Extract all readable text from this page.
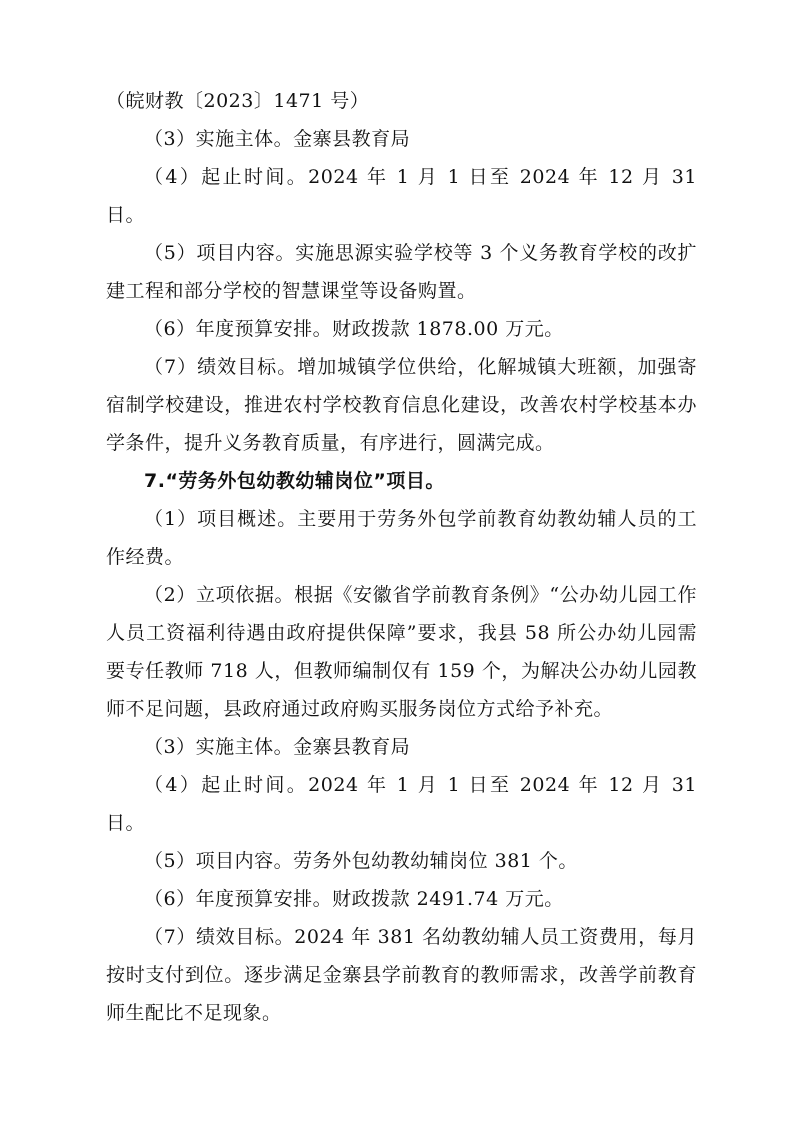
（皖财教〔2023〕1471 号）

（3）实施主体。金寨县教育局

（4）起止时间。2024 年 1 月 1 日至 2024 年 12 月 31 日。

（5）项目内容。实施思源实验学校等 3 个义务教育学校的改扩建工程和部分学校的智慧课堂等设备购置。

（6）年度预算安排。财政拨款 1878.00 万元。

（7）绩效目标。增加城镇学位供给，化解城镇大班额，加强寄宿制学校建设，推进农村学校教育信息化建设，改善农村学校基本办学条件，提升义务教育质量，有序进行，圆满完成。

7.“劳务外包幼教幼辅岗位”项目。

（1）项目概述。主要用于劳务外包学前教育幼教幼辅人员的工作经费。

（2）立项依据。根据《安徽省学前教育条例》“公办幼儿园工作人员工资福利待遇由政府提供保障”要求，我县 58 所公办幼儿园需要专任教师 718 人，但教师编制仅有 159 个，为解决公办幼儿园教师不足问题，县政府通过政府购买服务岗位方式给予补充。

（3）实施主体。金寨县教育局

（4）起止时间。2024 年 1 月 1 日至 2024 年 12 月 31 日。

（5）项目内容。劳务外包幼教幼辅岗位 381 个。

（6）年度预算安排。财政拨款 2491.74 万元。

（7）绩效目标。2024 年 381 名幼教幼辅人员工资费用，每月按时支付到位。逐步满足金寨县学前教育的教师需求，改善学前教育师生配比不足现象。
